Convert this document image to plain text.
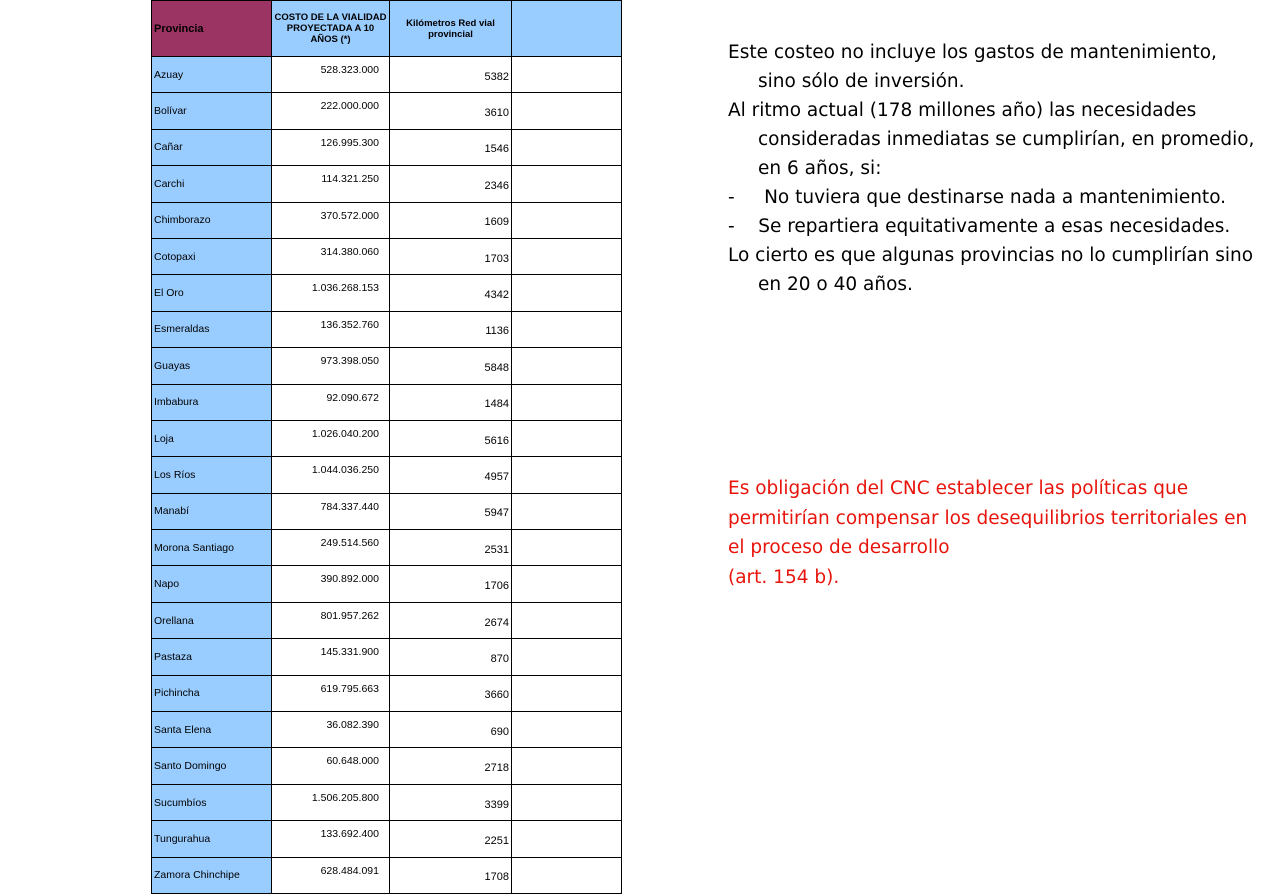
Provincia	COSTO DE LA VIALIDAD PROYECTADA A 10 AÑOS (*)	Kilómetros Red vial provincial	
Azuay	528.323.000	5382	
Bolívar	222.000.000	3610	
Cañar	126.995.300	1546	
Carchi	114.321.250	2346	
Chimborazo	370.572.000	1609	
Cotopaxi	314.380.060	1703	
El Oro	1.036.268.153	4342	
Esmeraldas	136.352.760	1136	
Guayas	973.398.050	5848	
Imbabura	92.090.672	1484	
Loja	1.026.040.200	5616	
Los Ríos	1.044.036.250	4957	
Manabí	784.337.440	5947	
Morona Santiago	249.514.560	2531	
Napo	390.892.000	1706	
Orellana	801.957.262	2674	
Pastaza	145.331.900	870	
Pichincha	619.795.663	3660	
Santa Elena	36.082.390	690	
Santo Domingo	60.648.000	2718	
Sucumbíos	1.506.205.800	3399	
Tungurahua	133.692.400	2251	
Zamora Chinchipe	628.484.091	1708	

Este costeo no incluye los gastos de mantenimiento, sino sólo de inversión.

Al ritmo actual (178 millones año) las necesidades consideradas inmediatas se cumplirían, en promedio, en 6 años, si:

-     No tuviera que destinarse nada a mantenimiento.

-    Se repartiera equitativamente a esas necesidades.

Lo cierto es que algunas provincias no lo cumplirían sino en 20 o 40 años.

Es obligación del CNC establecer las políticas que permitirían compensar los desequilibrios territoriales en el proceso de desarrollo

(art. 154 b).
